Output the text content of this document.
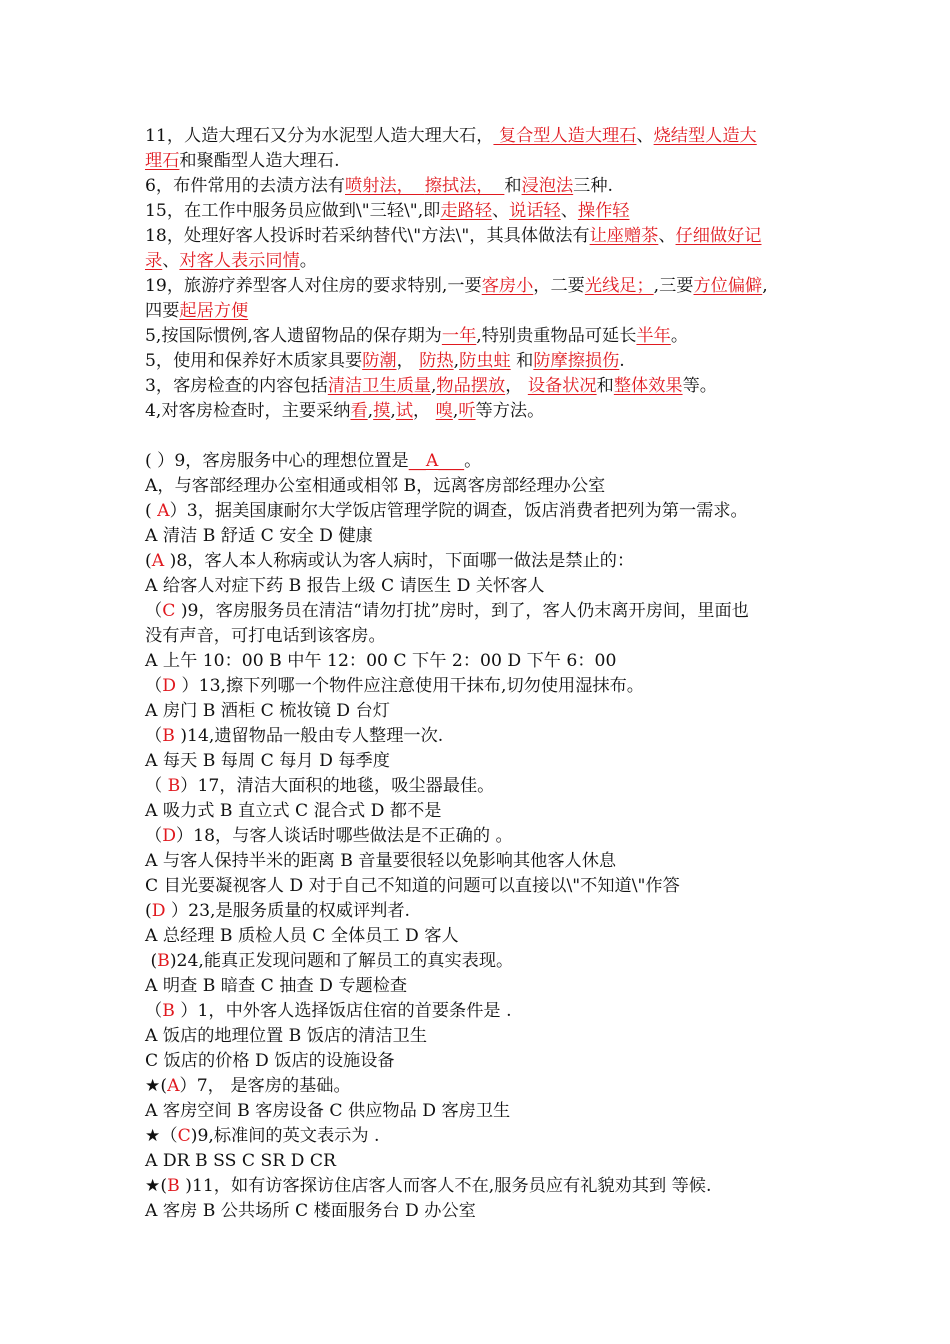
11，人造大理石又分为水泥型人造大理大石， 复合型人造大理石、烧结型人造大
理石和聚酯型人造大理石.
6，布件常用的去渍方法有喷射法，  擦拭法，  和浸泡法三种.
15，在工作中服务员应做到\"三轻\",即走路轻、说话轻、操作轻
18，处理好客人投诉时若采纳替代\"方法\"，其具体做法有让座赠茶、仔细做好记
录、对客人表示同情。
19，旅游疗养型客人对住房的要求特别,一要客房小，二要光线足；,三要方位偏僻,
四要起居方便
5,按国际惯例,客人遗留物品的保存期为一年,特别贵重物品可延长半年。
5，使用和保养好木质家具要防潮， 防热,防虫蛀 和防摩擦损伤.
3，客房检查的内容包括清洁卫生质量,物品摆放， 设备状况和整体效果等。
4,对客房检查时，主要采纳看,摸,试， 嗅,听等方法。
( ）9，客房服务中心的理想位置是__A___。
A，与客部经理办公室相通或相邻 B，远离客房部经理办公室
( A）3，据美国康耐尔大学饭店管理学院的调查，饭店消费者把列为第一需求。
A 清洁 B 舒适 C 安全 D 健康
(A )8，客人本人称病或认为客人病时，下面哪一做法是禁止的：
A 给客人对症下药 B 报告上级 C 请医生 D 关怀客人
（C )9，客房服务员在清洁“请勿打扰”房时，到了，客人仍末离开房间，里面也
没有声音，可打电话到该客房。
A 上午 10：00 B 中午 12：00 C 下午 2：00 D 下午 6：00
（D ）13,擦下列哪一个物件应注意使用干抹布,切勿使用湿抹布。
A 房门 B 酒柜 C 梳妆镜 D 台灯
（B )14,遗留物品一般由专人整理一次.
A 每天 B 每周 C 每月 D 每季度
（ B）17，清洁大面积的地毯，吸尘器最佳。
A 吸力式 B 直立式 C 混合式 D 都不是
（D）18，与客人谈话时哪些做法是不正确的 。
A 与客人保持半米的距离 B 音量要很轻以免影响其他客人休息
C 目光要凝视客人 D 对于自己不知道的问题可以直接以\"不知道\"作答
(D ）23,是服务质量的权威评判者.
A 总经理 B 质检人员 C 全体员工 D 客人
(B)24,能真正发现问题和了解员工的真实表现。
A 明查 B 暗查 C 抽查 D 专题检查
（B ）1，中外客人选择饭店住宿的首要条件是 .
A 饭店的地理位置 B 饭店的清洁卫生
C 饭店的价格 D 饭店的设施设备
★(A）7， 是客房的基础。
A 客房空间 B 客房设备 C 供应物品 D 客房卫生
★（C)9,标准间的英文表示为 .
A DR B SS C SR D CR
★(B )11，如有访客探访住店客人而客人不在,服务员应有礼貌劝其到 等候.
A 客房 B 公共场所 C 楼面服务台 D 办公室
